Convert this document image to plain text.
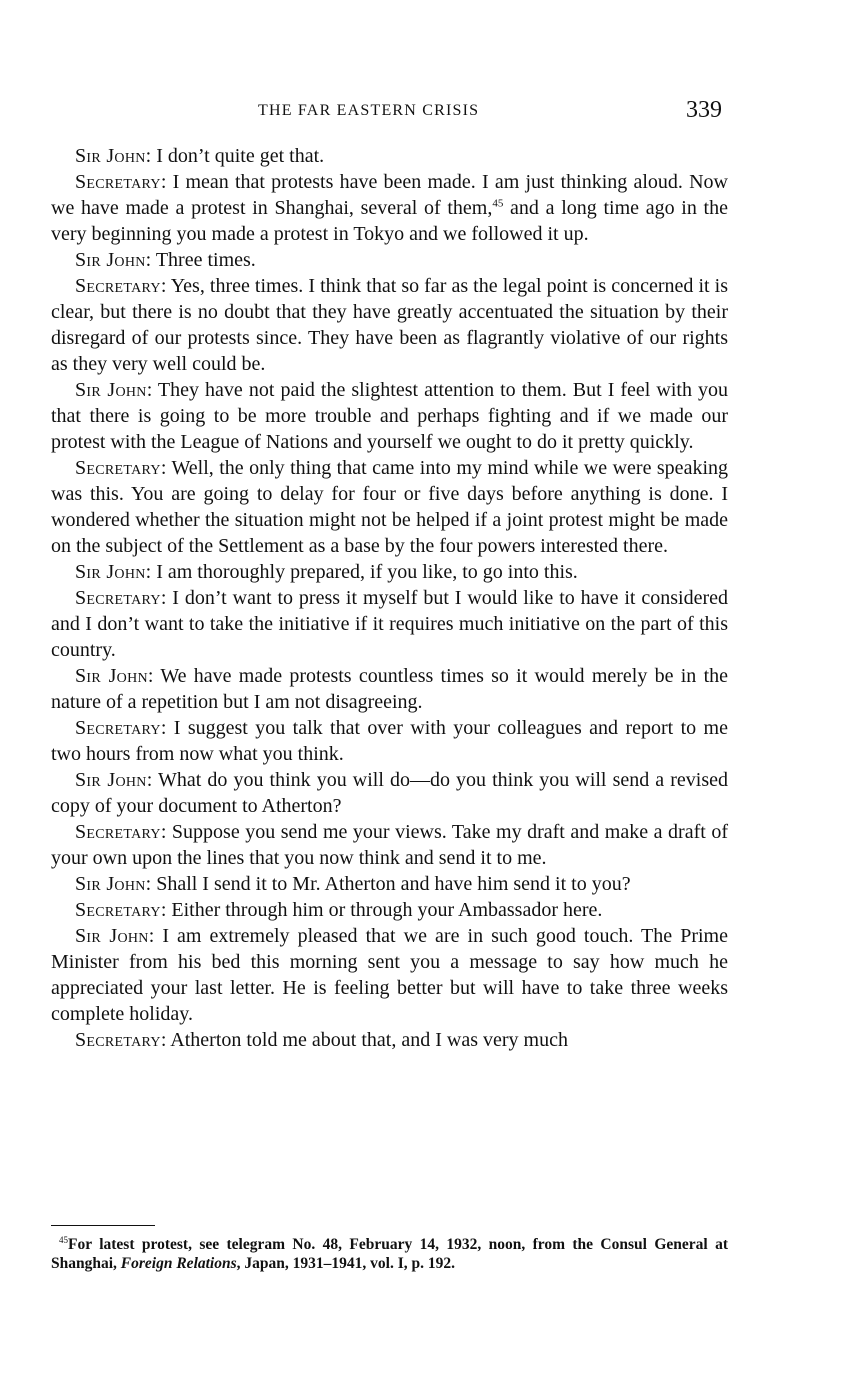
THE FAR EASTERN CRISIS	339

Sir John: I don’t quite get that.

Secretary: I mean that protests have been made. I am just thinking aloud. Now we have made a protest in Shanghai, several of them,$^{45}$ and a long time ago in the very beginning you made a protest in Tokyo and we followed it up.

Sir John: Three times.

Secretary: Yes, three times. I think that so far as the legal point is concerned it is clear, but there is no doubt that they have greatly accentuated the situation by their disregard of our protests since. They have been as flagrantly violative of our rights as they very well could be.

Sir John: They have not paid the slightest attention to them. But I feel with you that there is going to be more trouble and perhaps fighting and if we made our protest with the League of Nations and yourself we ought to do it pretty quickly.

Secretary: Well, the only thing that came into my mind while we were speaking was this. You are going to delay for four or five days before anything is done. I wondered whether the situation might not be helped if a joint protest might be made on the subject of the Settlement as a base by the four powers interested there.

Sir John: I am thoroughly prepared, if you like, to go into this.

Secretary: I don’t want to press it myself but I would like to have it considered and I don’t want to take the initiative if it requires much initiative on the part of this country.

Sir John: We have made protests countless times so it would merely be in the nature of a repetition but I am not disagreeing.

Secretary: I suggest you talk that over with your colleagues and report to me two hours from now what you think.

Sir John: What do you think you will do—do you think you will send a revised copy of your document to Atherton?

Secretary: Suppose you send me your views. Take my draft and make a draft of your own upon the lines that you now think and send it to me.

Sir John: Shall I send it to Mr. Atherton and have him send it to you?

Secretary: Either through him or through your Ambassador here.

Sir John: I am extremely pleased that we are in such good touch. The Prime Minister from his bed this morning sent you a message to say how much he appreciated your last letter. He is feeling better but will have to take three weeks complete holiday.

Secretary: Atherton told me about that, and I was very much

$^{45}$For latest protest, see telegram No. 48, February 14, 1932, noon, from the Consul General at Shanghai, Foreign Relations, Japan, 1931–1941, vol. I, p. 192.
